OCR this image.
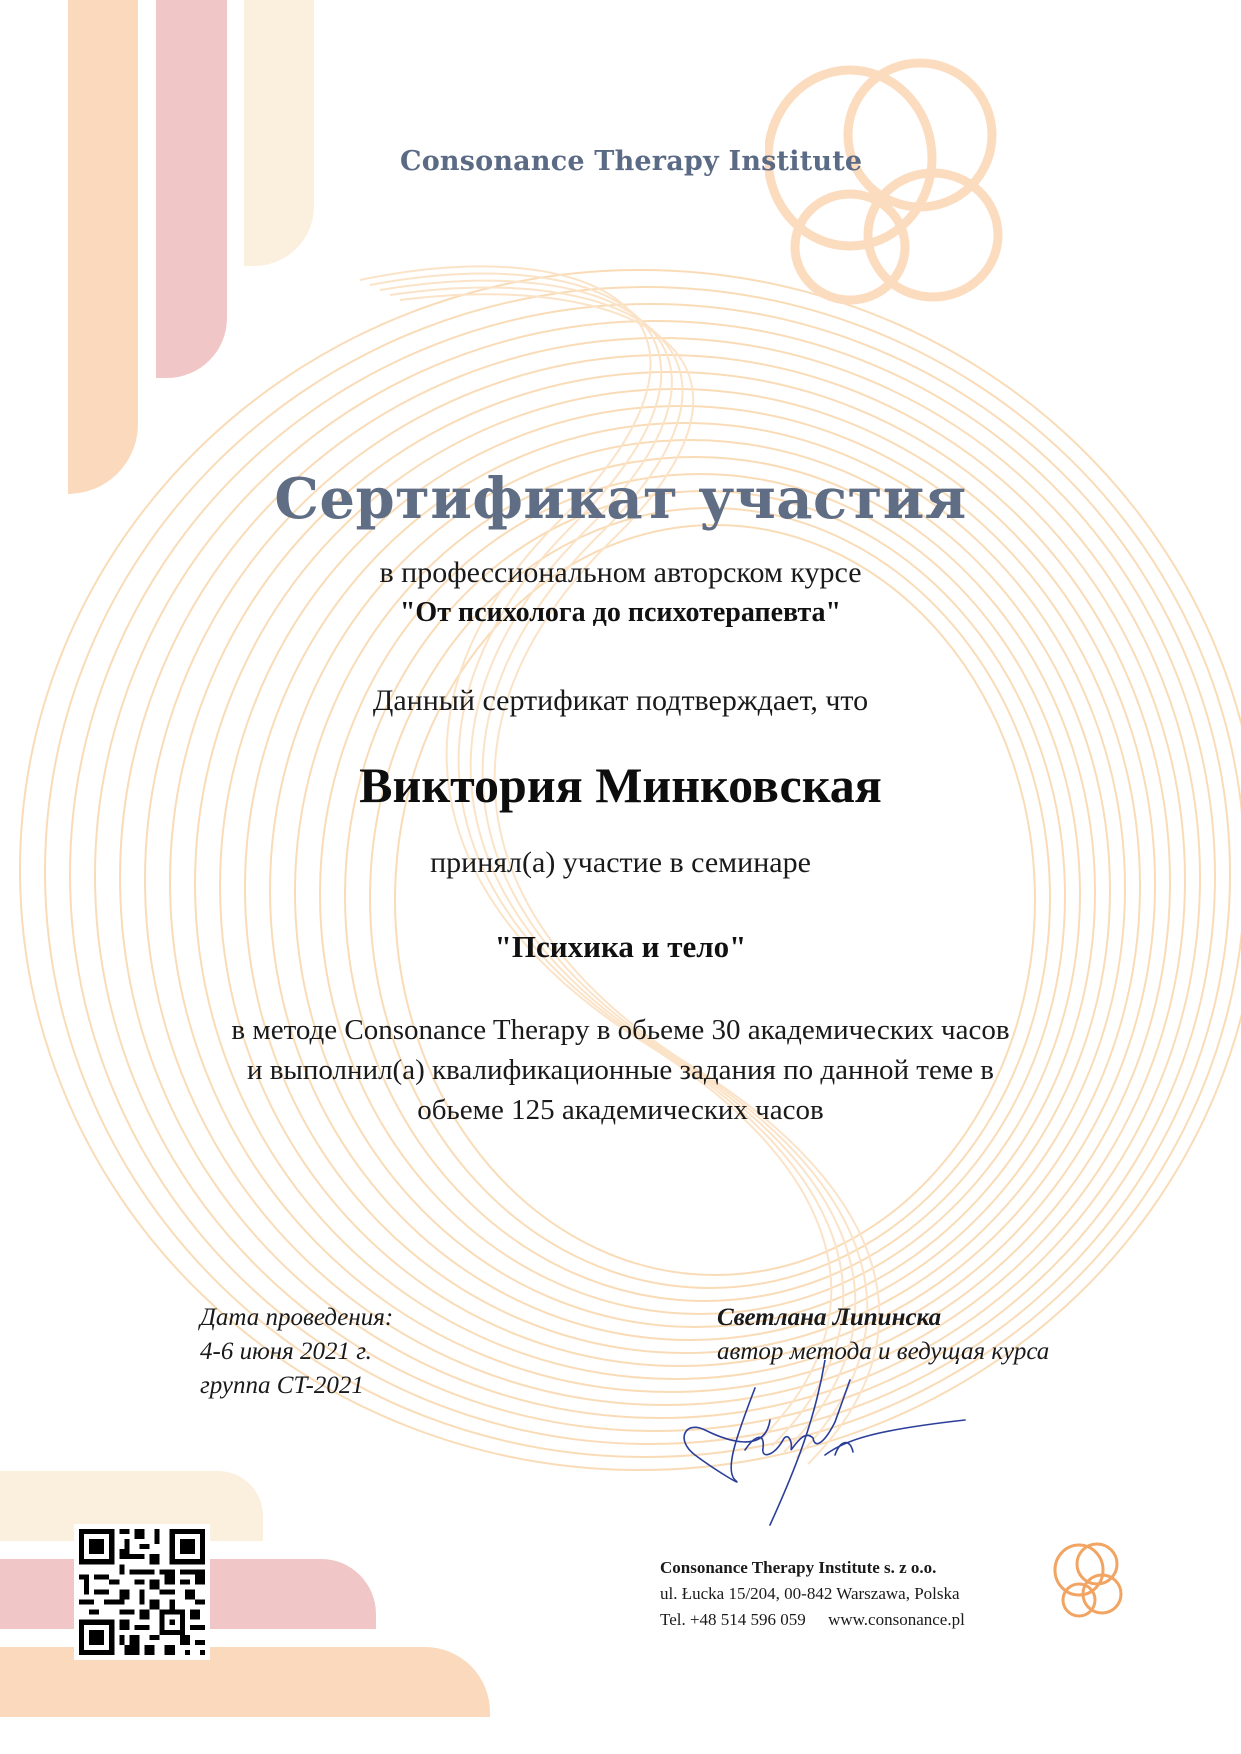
Consonance Therapy Institute
Сертификат участия
в профессиональном авторском курсе
"От психолога до психотерапевта"
Данный сертификат подтверждает, что
Виктория Минковская
принял(а) участие в семинаре
"Психика и тело"
в методе Consonance Therapy в обьеме 30 академических часов
и выполнил(а) квалификационные задания по данной теме в
обьеме 125 академических часов
Дата проведения:
4-6 июня 2021 г.
группа CT-2021
Светлана Липинска
автор метода и ведущая курса
Consonance Therapy Institute s. z o.o.
ul. Łucka 15/204, 00-842 Warszawa, Polska
Tel. +48 514 596 059 www.consonance.pl
